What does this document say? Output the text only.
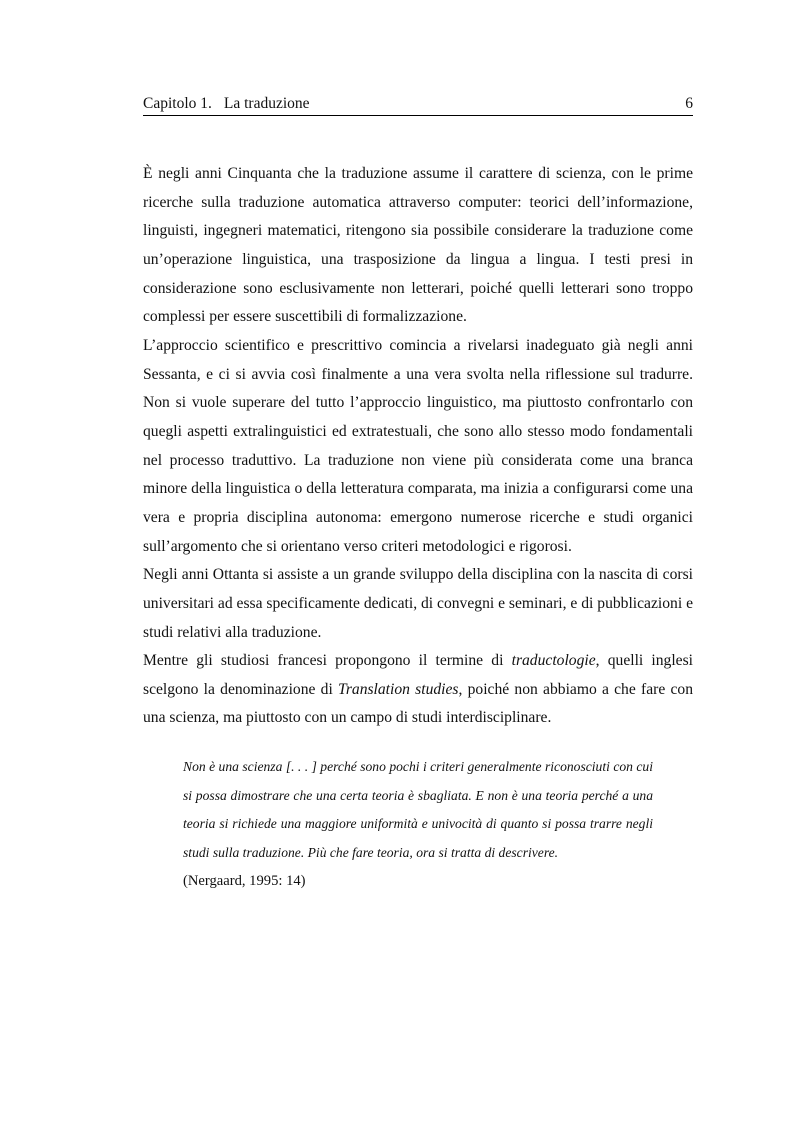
Capitolo 1. La traduzione	6

È negli anni Cinquanta che la traduzione assume il carattere di scienza, con le prime ricerche sulla traduzione automatica attraverso computer: teorici dell’informazione, linguisti, ingegneri matematici, ritengono sia possibile considerare la traduzione come un’operazione linguistica, una trasposizione da lingua a lingua. I testi presi in considerazione sono esclusivamente non letterari, poiché quelli letterari sono troppo complessi per essere suscettibili di formalizzazione.

L’approccio scientifico e prescrittivo comincia a rivelarsi inadeguato già negli anni Sessanta, e ci si avvia così finalmente a una vera svolta nella riflessione sul tradurre. Non si vuole superare del tutto l’approccio linguistico, ma piuttosto confrontarlo con quegli aspetti extralinguistici ed extratestuali, che sono allo stesso modo fondamentali nel processo traduttivo. La traduzione non viene più considerata come una branca minore della linguistica o della letteratura comparata, ma inizia a configurarsi come una vera e propria disciplina autonoma: emergono numerose ricerche e studi organici sull’argomento che si orientano verso criteri metodologici e rigorosi.

Negli anni Ottanta si assiste a un grande sviluppo della disciplina con la nascita di corsi universitari ad essa specificamente dedicati, di convegni e seminari, e di pubblicazioni e studi relativi alla traduzione.

Mentre gli studiosi francesi propongono il termine di traductologie, quelli inglesi scelgono la denominazione di Translation studies, poiché non abbiamo a che fare con una scienza, ma piuttosto con un campo di studi interdisciplinare.

Non è una scienza [. . . ] perché sono pochi i criteri generalmente riconosciuti con cui si possa dimostrare che una certa teoria è sbagliata. E non è una teoria perché a una teoria si richiede una maggiore uniformità e univocità di quanto si possa trarre negli studi sulla traduzione. Più che fare teoria, ora si tratta di descrivere.

(Nergaard, 1995: 14)
